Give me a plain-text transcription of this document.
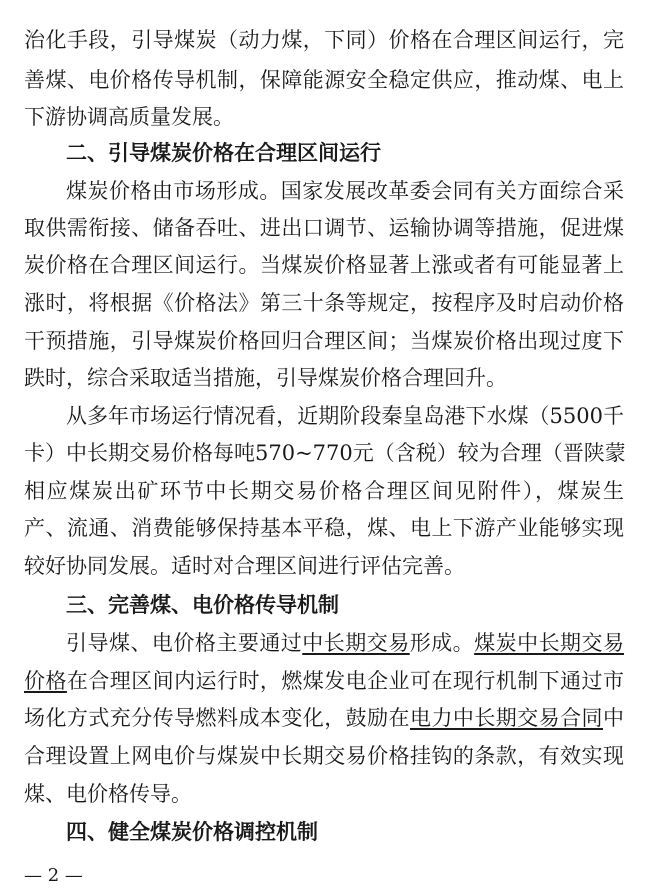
治化手段，引导煤炭（动力煤，下同）价格在合理区间运行，完
善煤、电价格传导机制，保障能源安全稳定供应，推动煤、电上
下游协调高质量发展。
二、引导煤炭价格在合理区间运行
煤炭价格由市场形成。国家发展改革委会同有关方面综合采
取供需衔接、储备吞吐、进出口调节、运输协调等措施，促进煤
炭价格在合理区间运行。当煤炭价格显著上涨或者有可能显著上
涨时，将根据《价格法》第三十条等规定，按程序及时启动价格
干预措施，引导煤炭价格回归合理区间；当煤炭价格出现过度下
跌时，综合采取适当措施，引导煤炭价格合理回升。
从多年市场运行情况看，近期阶段秦皇岛港下水煤（5500千
卡）中长期交易价格每吨570~770元（含税）较为合理（晋陕蒙
相应煤炭出矿环节中长期交易价格合理区间见附件），煤炭生
产、流通、消费能够保持基本平稳，煤、电上下游产业能够实现
较好协同发展。适时对合理区间进行评估完善。
三、完善煤、电价格传导机制
引导煤、电价格主要通过中长期交易形成。煤炭中长期交易
价格在合理区间内运行时，燃煤发电企业可在现行机制下通过市
场化方式充分传导燃料成本变化，鼓励在电力中长期交易合同中
合理设置上网电价与煤炭中长期交易价格挂钩的条款，有效实现
煤、电价格传导。
四、健全煤炭价格调控机制
— 2 —
